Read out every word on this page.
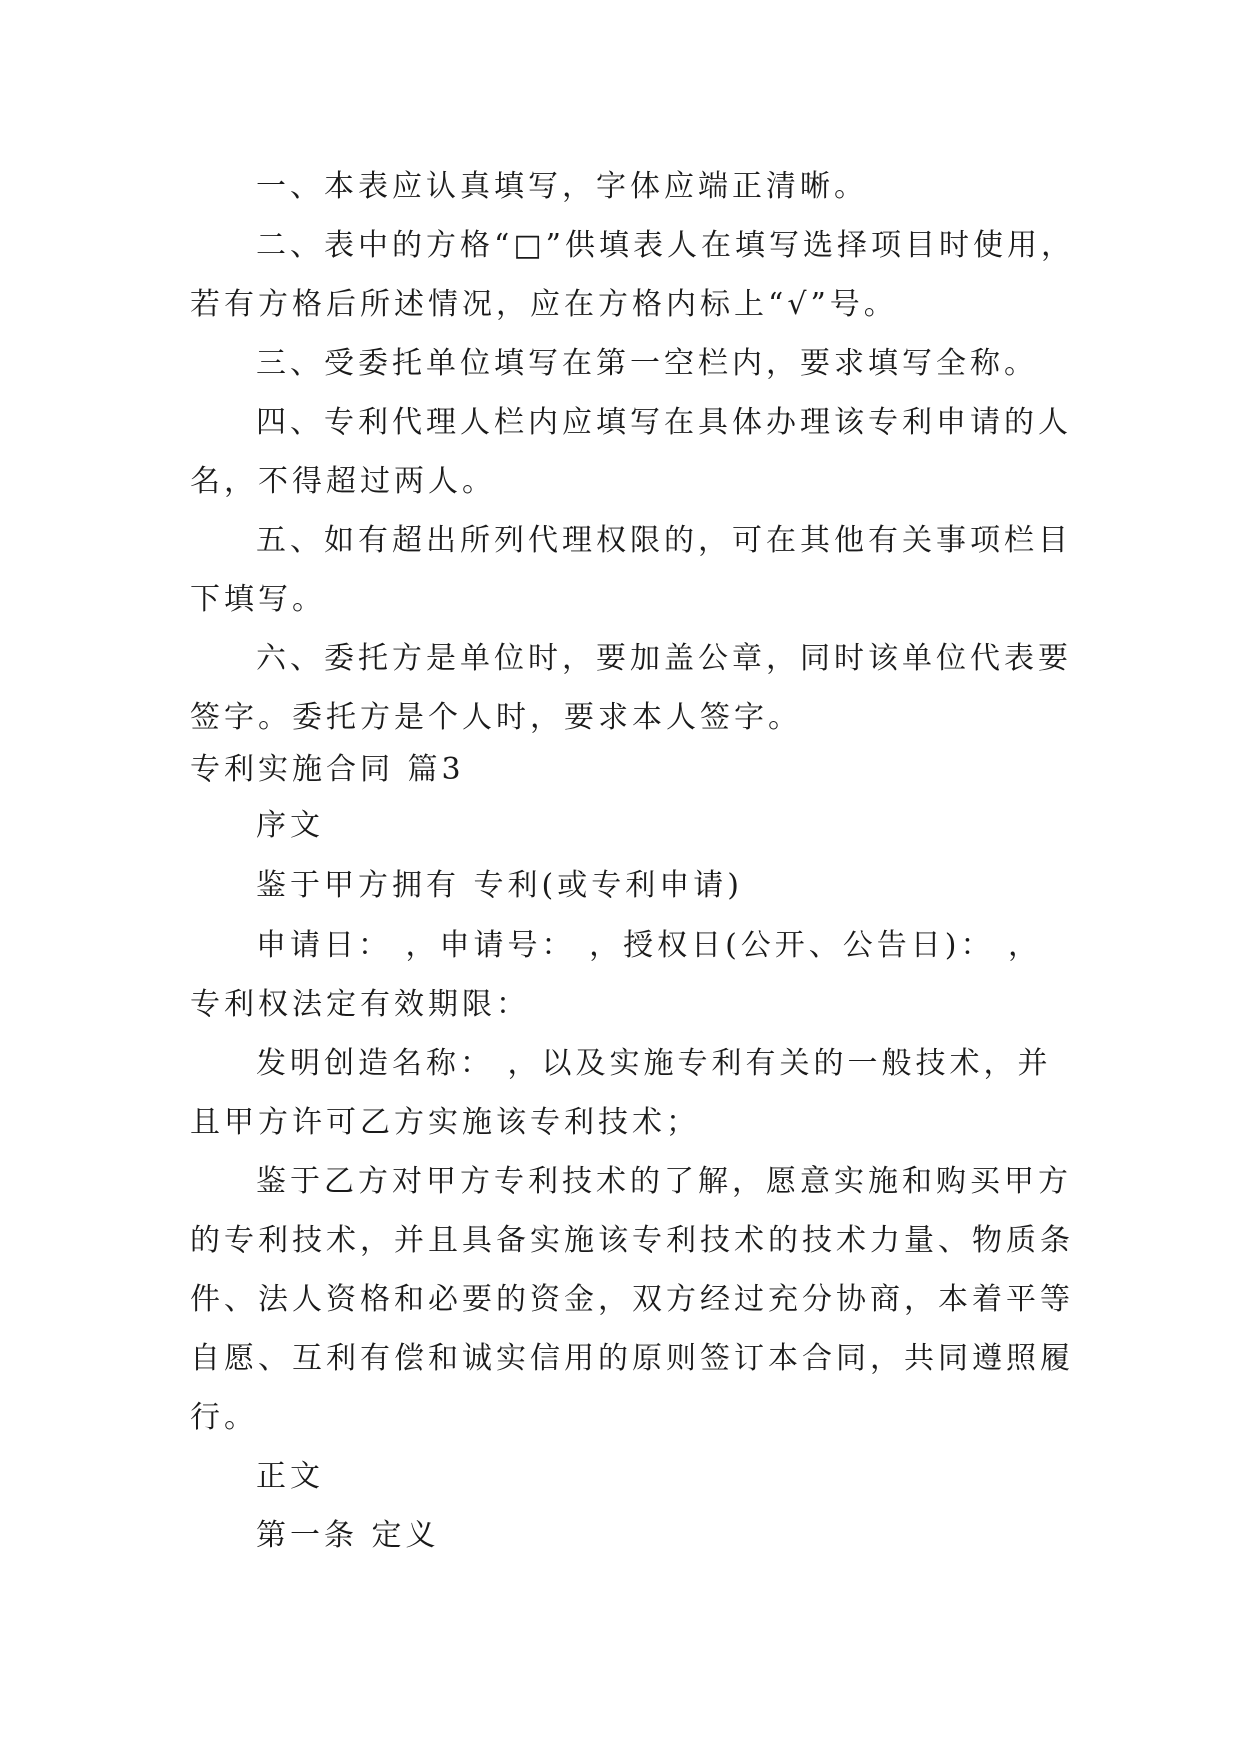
一、本表应认真填写，字体应端正清晰。
二、表中的方格“□”供填表人在填写选择项目时使用，
若有方格后所述情况，应在方格内标上“√”号。
三、受委托单位填写在第一空栏内，要求填写全称。
四、专利代理人栏内应填写在具体办理该专利申请的人
名，不得超过两人。
五、如有超出所列代理权限的，可在其他有关事项栏目
下填写。
六、委托方是单位时，要加盖公章，同时该单位代表要
签字。委托方是个人时，要求本人签字。
专利实施合同 篇3
序文
鉴于甲方拥有 专利(或专利申请)
申请日： ，申请号： ，授权日(公开、公告日)： ，
专利权法定有效期限：
发明创造名称： ，以及实施专利有关的一般技术，并
且甲方许可乙方实施该专利技术；
鉴于乙方对甲方专利技术的了解，愿意实施和购买甲方
的专利技术，并且具备实施该专利技术的技术力量、物质条
件、法人资格和必要的资金，双方经过充分协商，本着平等
自愿、互利有偿和诚实信用的原则签订本合同，共同遵照履
行。
正文
第一条 定义
